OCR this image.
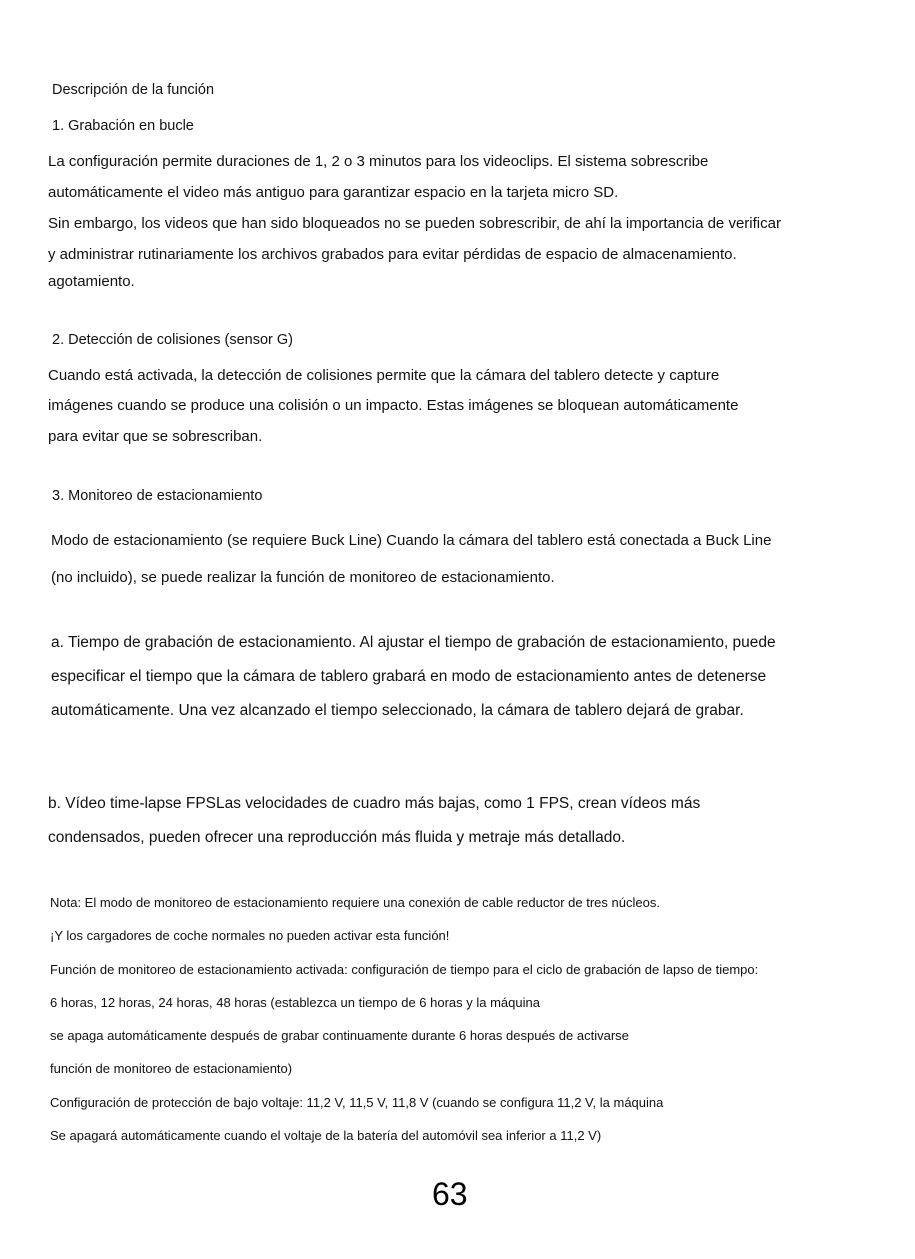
Descripción de la función
1. Grabación en bucle
La configuración permite duraciones de 1, 2 o 3 minutos para los videoclips. El sistema sobrescribe
automáticamente el video más antiguo para garantizar espacio en la tarjeta micro SD.
Sin embargo, los videos que han sido bloqueados no se pueden sobrescribir, de ahí la importancia de verificar
y administrar rutinariamente los archivos grabados para evitar pérdidas de espacio de almacenamiento.
agotamiento.
2. Detección de colisiones (sensor G)
Cuando está activada, la detección de colisiones permite que la cámara del tablero detecte y capture
imágenes cuando se produce una colisión o un impacto. Estas imágenes se bloquean automáticamente
para evitar que se sobrescriban.
3. Monitoreo de estacionamiento
Modo de estacionamiento (se requiere Buck Line) Cuando la cámara del tablero está conectada a Buck Line
(no incluido), se puede realizar la función de monitoreo de estacionamiento.
a. Tiempo de grabación de estacionamiento. Al ajustar el tiempo de grabación de estacionamiento, puede
especificar el tiempo que la cámara de tablero grabará en modo de estacionamiento antes de detenerse
automáticamente. Una vez alcanzado el tiempo seleccionado, la cámara de tablero dejará de grabar.
b. Vídeo time-lapse FPSLas velocidades de cuadro más bajas, como 1 FPS, crean vídeos más
condensados, pueden ofrecer una reproducción más fluida y metraje más detallado.
Nota: El modo de monitoreo de estacionamiento requiere una conexión de cable reductor de tres núcleos.
¡Y los cargadores de coche normales no pueden activar esta función!
Función de monitoreo de estacionamiento activada: configuración de tiempo para el ciclo de grabación de lapso de tiempo:
6 horas, 12 horas, 24 horas, 48 horas (establezca un tiempo de 6 horas y la máquina
se apaga automáticamente después de grabar continuamente durante 6 horas después de activarse
función de monitoreo de estacionamiento)
Configuración de protección de bajo voltaje: 11,2 V, 11,5 V, 11,8 V (cuando se configura 11,2 V, la máquina
Se apagará automáticamente cuando el voltaje de la batería del automóvil sea inferior a 11,2 V)
63
